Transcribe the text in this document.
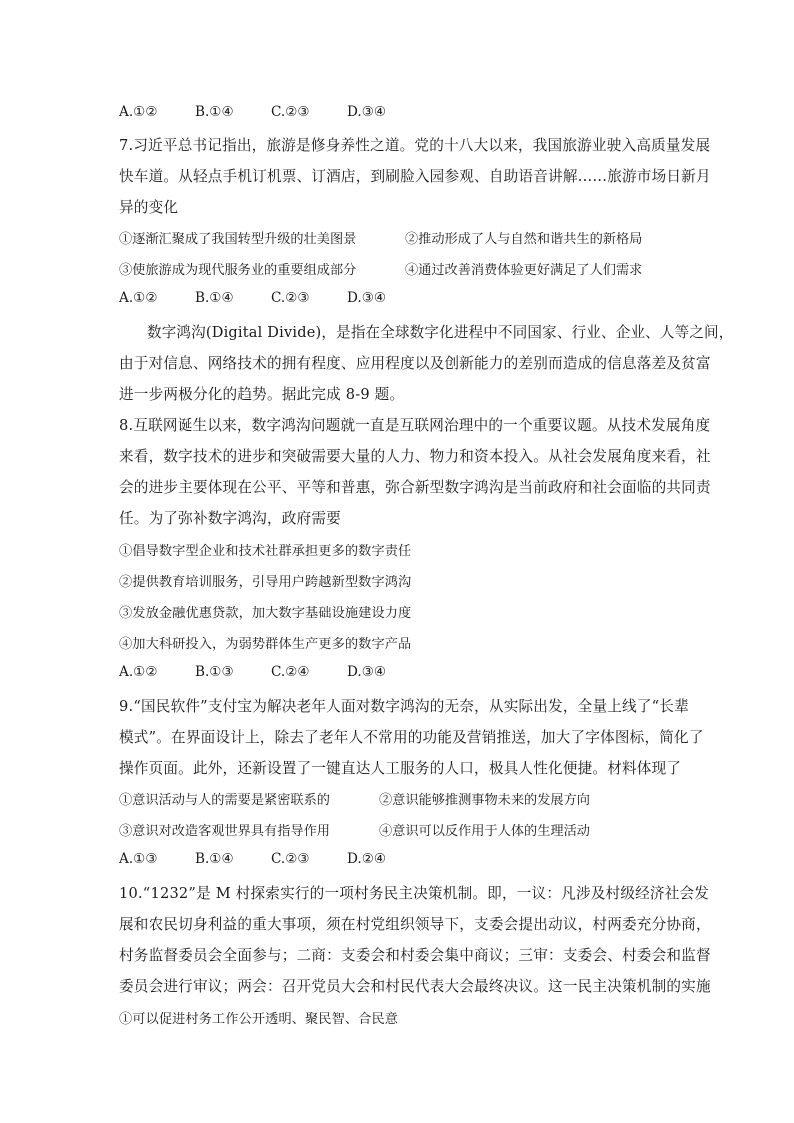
A.①②	B.①④	C.②③	D.③④
7.习近平总书记指出，旅游是修身养性之道。党的十八大以来，我国旅游业驶入高质量发展
快车道。从轻点手机订机票、订酒店，到刷脸入园参观、自助语音讲解……旅游市场日新月
异的变化
①逐渐汇聚成了我国转型升级的壮美图景	②推动形成了人与自然和谐共生的新格局
③使旅游成为现代服务业的重要组成部分	④通过改善消费体验更好满足了人们需求
A.①②	B.①④	C.②③	D.③④
数字鸿沟(Digital Divide)，是指在全球数字化进程中不同国家、行业、企业、人等之间，
由于对信息、网络技术的拥有程度、应用程度以及创新能力的差别而造成的信息落差及贫富
进一步两极分化的趋势。据此完成 8-9 题。
8.互联网诞生以来，数字鸿沟问题就一直是互联网治理中的一个重要议题。从技术发展角度
来看，数字技术的进步和突破需要大量的人力、物力和资本投入。从社会发展角度来看，社
会的进步主要体现在公平、平等和普惠，弥合新型数字鸿沟是当前政府和社会面临的共同责
任。为了弥补数字鸿沟，政府需要
①倡导数字型企业和技术社群承担更多的数字责任
②提供教育培训服务，引导用户跨越新型数字鸿沟
③发放金融优惠贷款，加大数字基础设施建设力度
④加大科研投入，为弱势群体生产更多的数字产品
A.①②	B.①③	C.②④	D.③④
9.“国民软件”支付宝为解决老年人面对数字鸿沟的无奈，从实际出发，全量上线了“长辈
模式”。在界面设计上，除去了老年人不常用的功能及营销推送，加大了字体图标，简化了
操作页面。此外，还新设置了一键直达人工服务的人口，极具人性化便捷。材料体现了
①意识活动与人的需要是紧密联系的	②意识能够推测事物未来的发展方向
③意识对改造客观世界具有指导作用	④意识可以反作用于人体的生理活动
A.①③	B.①④	C.②③	D.②④
10.“1232”是 M 村探索实行的一项村务民主决策机制。即，一议：凡涉及村级经济社会发
展和农民切身利益的重大事项，须在村党组织领导下，支委会提出动议，村两委充分协商，
村务监督委员会全面参与；二商：支委会和村委会集中商议；三审：支委会、村委会和监督
委员会进行审议；两会：召开党员大会和村民代表大会最终决议。这一民主决策机制的实施
①可以促进村务工作公开透明、聚民智、合民意
